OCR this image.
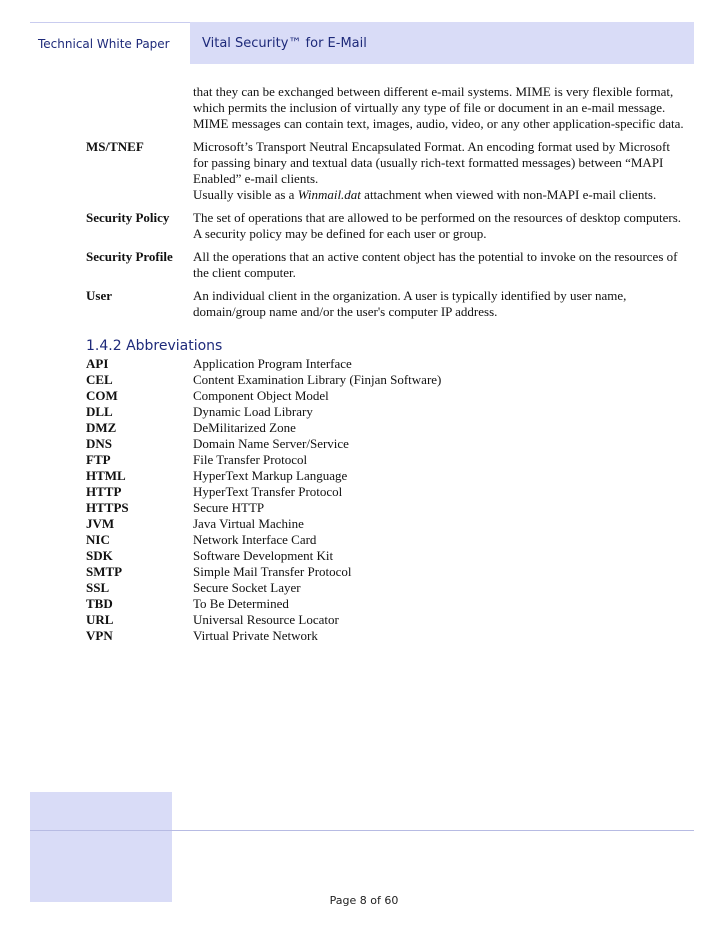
Technical White Paper	Vital Security™ for E-Mail

that they can be exchanged between different e-mail systems. MIME is very flexible format, which permits the inclusion of virtually any type of file or document in an e-mail message. MIME messages can contain text, images, audio, video, or any other application-specific data.

MS/TNEF	Microsoft’s Transport Neutral Encapsulated Format. An encoding format used by Microsoft for passing binary and textual data (usually rich-text formatted messages) between “MAPI Enabled” e-mail clients.

Usually visible as a Winmail.dat attachment when viewed with non-MAPI e-mail clients.

Security Policy	The set of operations that are allowed to be performed on the resources of desktop computers. A security policy may be defined for each user or group.

Security Profile	All the operations that an active content object has the potential to invoke on the resources of the client computer.

User	An individual client in the organization. A user is typically identified by user name, domain/group name and/or the user's computer IP address.

1.4.2 Abbreviations
API	Application Program Interface
CEL	Content Examination Library (Finjan Software)
COM	Component Object Model
DLL	Dynamic Load Library
DMZ	DeMilitarized Zone
DNS	Domain Name Server/Service
FTP	File Transfer Protocol
HTML	HyperText Markup Language
HTTP	HyperText Transfer Protocol
HTTPS	Secure HTTP
JVM	Java Virtual Machine
NIC	Network Interface Card
SDK	Software Development Kit
SMTP	Simple Mail Transfer Protocol
SSL	Secure Socket Layer
TBD	To Be Determined
URL	Universal Resource Locator
VPN	Virtual Private Network
Page 8 of 60
